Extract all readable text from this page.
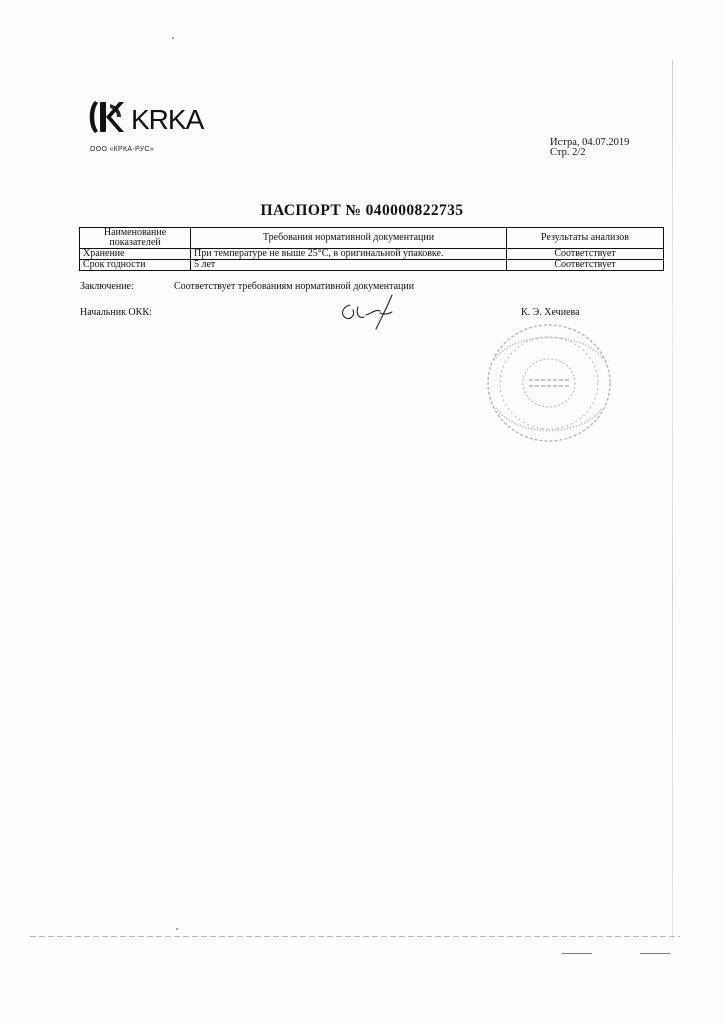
KRKA
ООО «КРКА-РУС»
Истра, 04.07.2019
Стр. 2/2
ПАСПОРТ № 040000822735
Наименование показателей	Требования нормативной документации	Результаты анализов
Хранение	При температуре не выше 25°С, в оригинальной упаковке.	Соответствует
Срок годности	5 лет	Соответствует
Заключение:	Соответствует требованиям нормативной документации
Начальник ОКК:	К. Э. Хечиева
